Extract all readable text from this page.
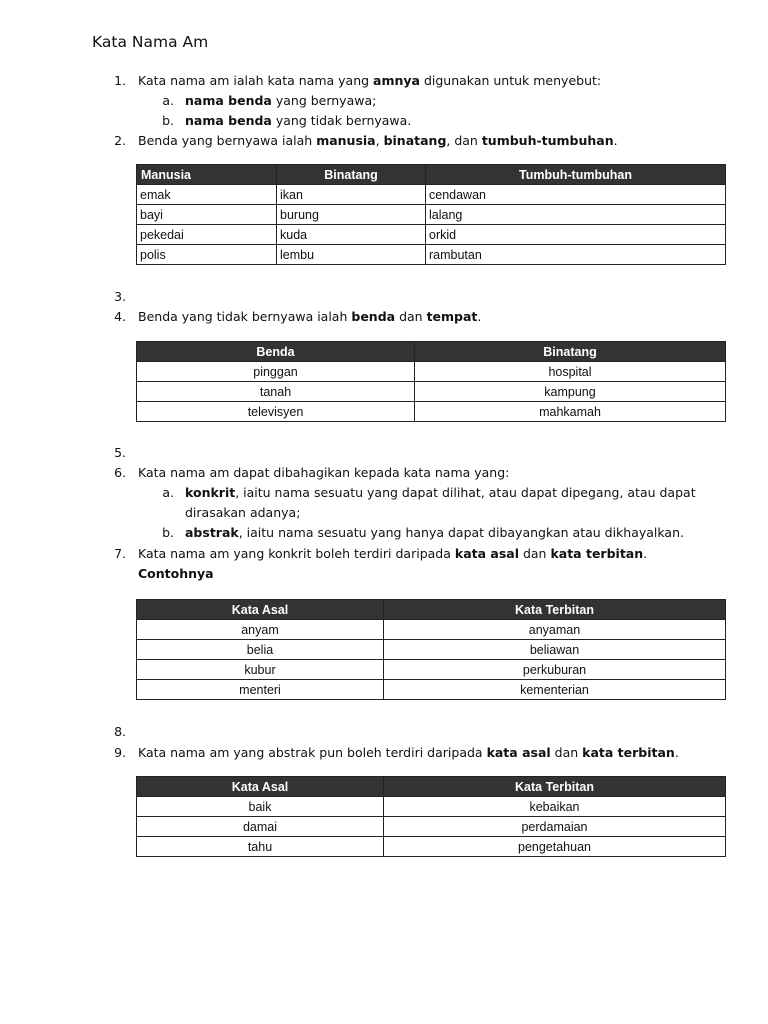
Kata Nama Am
1. Kata nama am ialah kata nama yang amnya digunakan untuk menyebut:
a. nama benda yang bernyawa;
b. nama benda yang tidak bernyawa.
2. Benda yang bernyawa ialah manusia, binatang, dan tumbuh-tumbuhan.
Manusia	Binatang	Tumbuh-tumbuhan
emak	ikan	cendawan
bayi	burung	lalang
pekedai	kuda	orkid
polis	lembu	rambutan
3.
4. Benda yang tidak bernyawa ialah benda dan tempat.
Benda	Binatang
pinggan	hospital
tanah	kampung
televisyen	mahkamah
5.
6. Kata nama am dapat dibahagikan kepada kata nama yang:
a. konkrit, iaitu nama sesuatu yang dapat dilihat, atau dapat dipegang, atau dapat
dirasakan adanya;
b. abstrak, iaitu nama sesuatu yang hanya dapat dibayangkan atau dikhayalkan.
7. Kata nama am yang konkrit boleh terdiri daripada kata asal dan kata terbitan.
Contohnya
Kata Asal	Kata Terbitan
anyam	anyaman
belia	beliawan
kubur	perkuburan
menteri	kementerian
8.
9. Kata nama am yang abstrak pun boleh terdiri daripada kata asal dan kata terbitan.
Kata Asal	Kata Terbitan
baik	kebaikan
damai	perdamaian
tahu	pengetahuan
